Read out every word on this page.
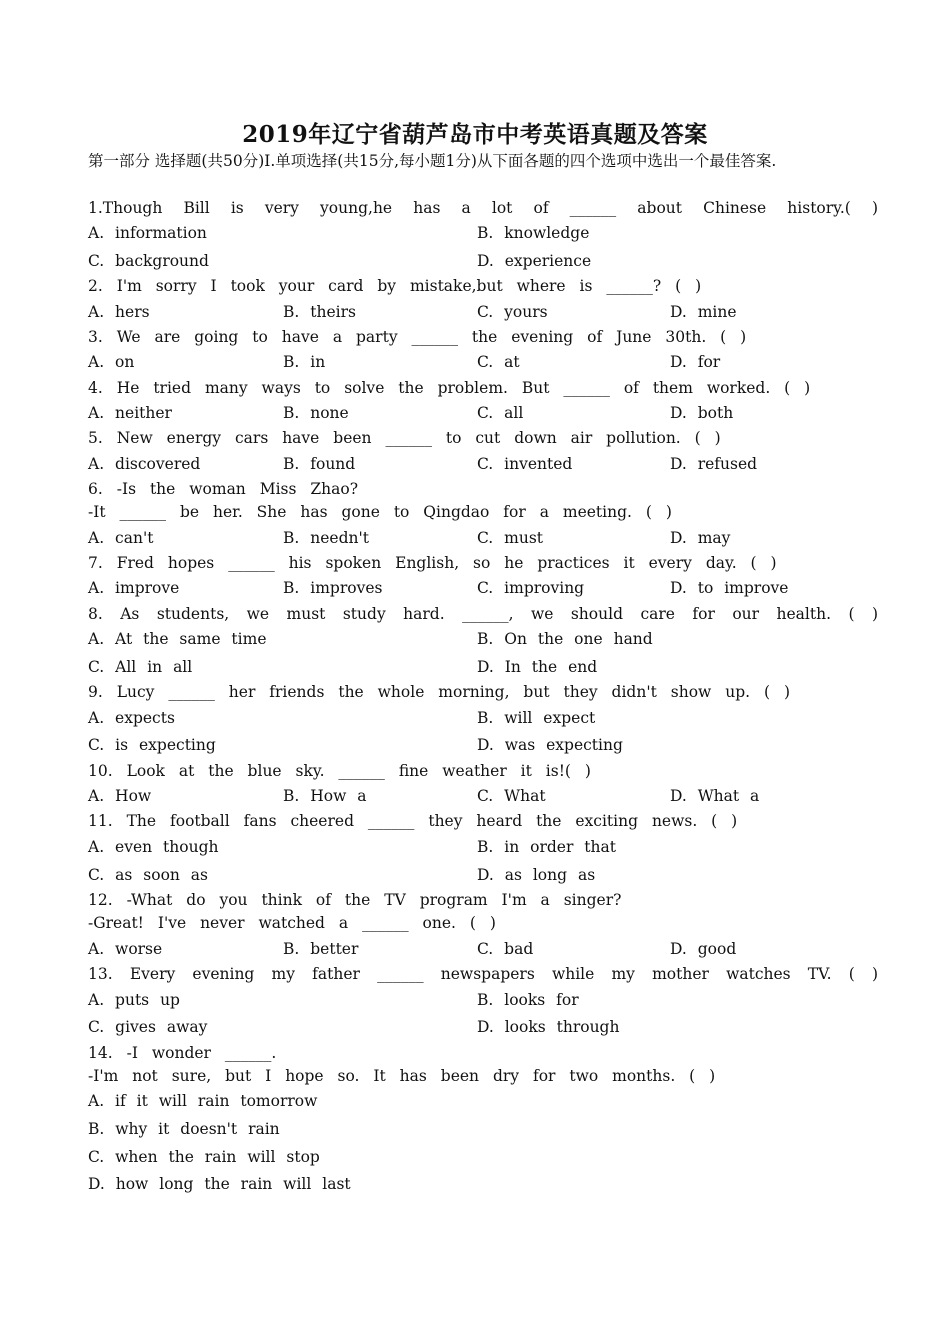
2019年辽宁省葫芦岛市中考英语真题及答案
第一部分 选择题(共50分)Ⅰ.单项选择(共15分,每小题1分)从下面各题的四个选项中选出一个最佳答案.
1.Though Bill is very young,he has a lot of ______ about Chinese history.( )
A. information	B. knowledge
C. background	D. experience
2. I'm sorry I took your card by mistake,but where is ______? ( )
A. hers	B. theirs	C. yours	D. mine
3. We are going to have a party ______ the evening of June 30th. ( )
A. on	B. in	C. at	D. for
4. He tried many ways to solve the problem. But ______ of them worked. ( )
A. neither	B. none	C. all	D. both
5. New energy cars have been ______ to cut down air pollution. ( )
A. discovered	B. found	C. invented	D. refused
6. -Is the woman Miss Zhao?
-It ______ be her. She has gone to Qingdao for a meeting. ( )
A. can't	B. needn't	C. must	D. may
7. Fred hopes ______ his spoken English, so he practices it every day. ( )
A. improve	B. improves	C. improving	D. to improve
8. As students, we must study hard. ______, we should care for our health. ( )
A. At the same time	B. On the one hand
C. All in all	D. In the end
9. Lucy ______ her friends the whole morning, but they didn't show up. ( )
A. expects	B. will expect
C. is expecting	D. was expecting
10. Look at the blue sky. ______ fine weather it is!( )
A. How	B. How a	C. What	D. What a
11. The football fans cheered ______ they heard the exciting news. ( )
A. even though	B. in order that
C. as soon as	D. as long as
12. -What do you think of the TV program I'm a singer?
-Great! I've never watched a ______ one. ( )
A. worse	B. better	C. bad	D. good
13. Every evening my father ______ newspapers while my mother watches TV. ( )
A. puts up	B. looks for
C. gives away	D. looks through
14. -I wonder ______.
-I'm not sure, but I hope so. It has been dry for two months. ( )
A. if it will rain tomorrow
B. why it doesn't rain
C. when the rain will stop
D. how long the rain will last
